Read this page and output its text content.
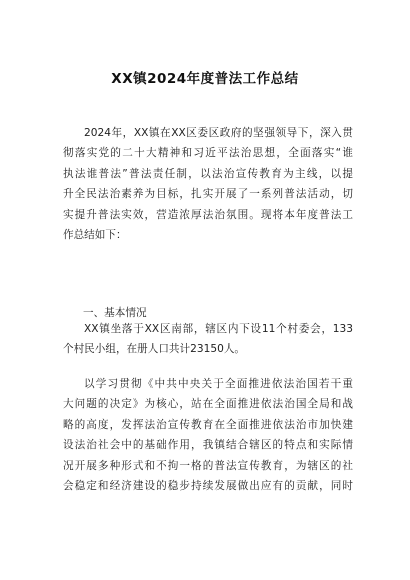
XX镇2024年度普法工作总结
2024年，XX镇在XX区委区政府的坚强领导下，深入贯
彻落实党的二十大精神和习近平法治思想，全面落实“谁
执法谁普法”普法责任制，以法治宣传教育为主线，以提
升全民法治素养为目标，扎实开展了一系列普法活动，切
实提升普法实效，营造浓厚法治氛围。现将本年度普法工
作总结如下：
一、基本情况
XX镇坐落于XX区南部，辖区内下设11个村委会，133
个村民小组，在册人口共计23150人。
以学习贯彻《中共中央关于全面推进依法治国若干重
大问题的决定》为核心，站在全面推进依法治国全局和战
略的高度，发挥法治宣传教育在全面推进依法治市加快建
设法治社会中的基础作用，我镇结合辖区的特点和实际情
况开展多种形式和不拘一格的普法宣传教育，为辖区的社
会稳定和经济建设的稳步持续发展做出应有的贡献，同时
